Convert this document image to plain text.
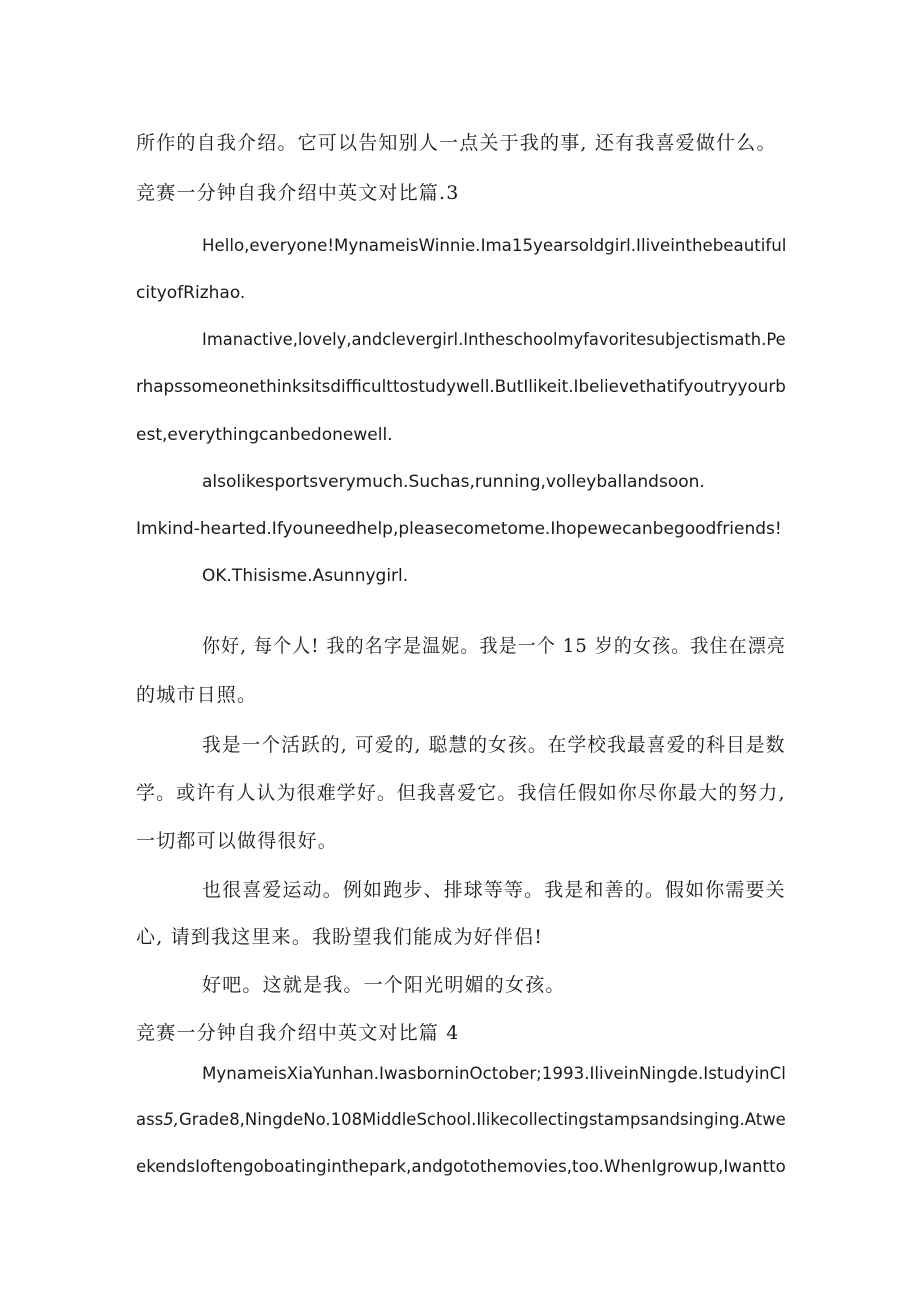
所作的自我介绍。它可以告知别人一点关于我的事, 还有我喜爱做什么。
竞赛一分钟自我介绍中英文对比篇.3
Hello,everyone!MynameisWinnie.Ima15yearsoldgirl.Iliveinthebeautiful
cityofRizhao.
Imanactive,lovely,andclevergirl.Intheschoolmyfavoritesubjectismath.Pe
rhapssomeonethinksitsdifficulttostudywell.ButIlikeit.Ibelievethatifyoutryyourb
est,everythingcanbedonewell.
alsolikesportsverymuch.Suchas,running,volleyballandsoon.
Imkind-hearted.Ifyouneedhelp,pleasecometome.Ihopewecanbegoodfriends!
OK.Thisisme.Asunnygirl.
你好, 每个人! 我的名字是温妮。我是一个 15 岁的女孩。我住在漂亮
的城市日照。
我是一个活跃的, 可爱的, 聪慧的女孩。在学校我最喜爱的科目是数
学。或许有人认为很难学好。但我喜爱它。我信任假如你尽你最大的努力,
一切都可以做得很好。
也很喜爱运动。例如跑步、排球等等。我是和善的。假如你需要关
心, 请到我这里来。我盼望我们能成为好伴侣!
好吧。这就是我。一个阳光明媚的女孩。
竞赛一分钟自我介绍中英文对比篇 4
MynameisXiaYunhan.IwasborninOctober;1993.IliveinNingde.IstudyinCl
ass5,Grade8,NingdeNo.108MiddleSchool.Ilikecollectingstampsandsinging.Atwe
ekendsIoftengoboatinginthepark,andgotothemovies,too.WhenIgrowup,Iwantto
